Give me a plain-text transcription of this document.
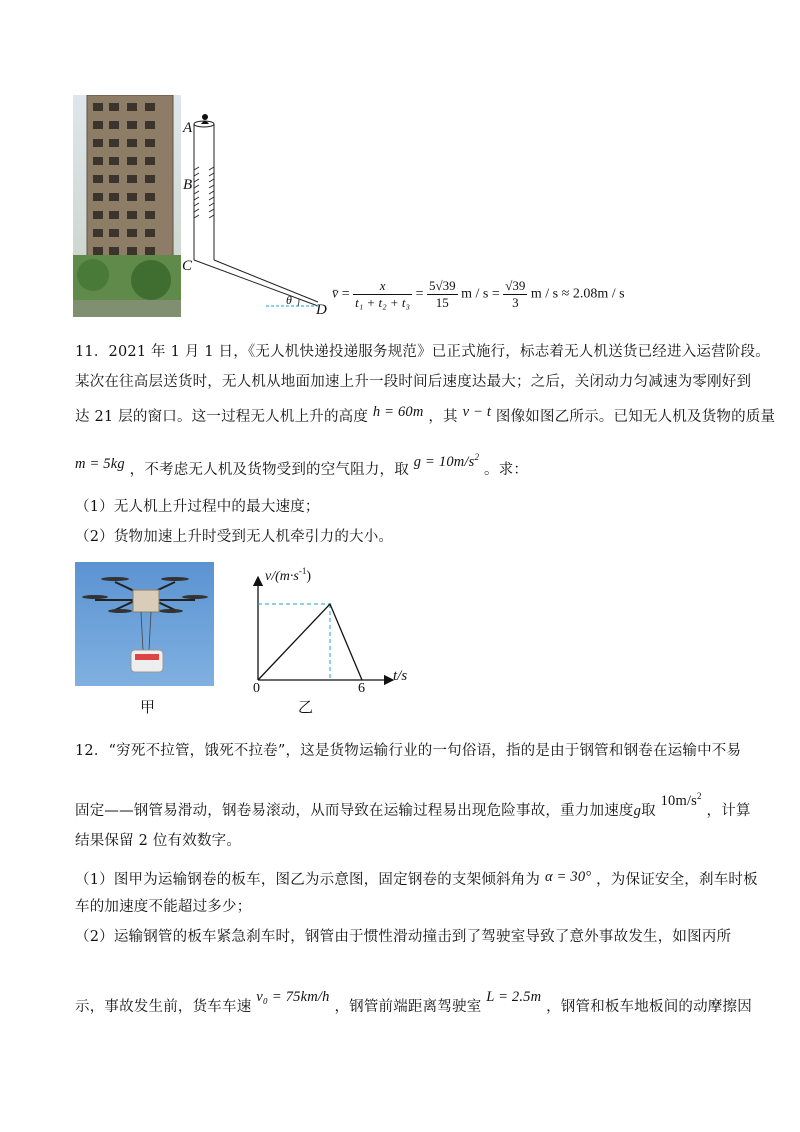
A
B
C
θ
D
v̄ = $\frac{x}{\text{t₁ + t₂ + t₃}} = \frac{5√39}{15}$ $m / s = \frac{√39}{3}$ m / s ≈ 2.08m / s
11．2021 年 1 月 1 日，《无人机快递投递服务规范》已正式施行，标志着无人机送货已经进入运营阶段。
某次在往高层送货时，无人机从地面加速上升一段时间后速度达最大；之后，关闭动力匀减速为零刚好到
达 21 层的窗口。这一过程无人机上升的高度 h = 60m ，其 v − t 图像如图乙所示。已知无人机及货物的质量
m = 5kg ，不考虑无人机及货物受到的空气阻力，取 $g = 10m/s^2$ 。求：
（1）无人机上升过程中的最大速度；
（2）货物加速上升时受到无人机牵引力的大小。
甲
$v/(m\cdot s^{-1})$
t/s
0	6
乙
12．“穷死不拉管，饿死不拉卷”，这是货物运输行业的一句俗语，指的是由于钢管和钢卷在运输中不易
固定——钢管易滑动，钢卷易滚动，从而导致在运输过程易出现危险事故，重力加速度g取 $10m/s^2$ ，计算
结果保留 2 位有效数字。
（1）图甲为运输钢卷的板车，图乙为示意图，固定钢卷的支架倾斜角为 α = 30° ，为保证安全，刹车时板
车的加速度不能超过多少；
（2）运输钢管的板车紧急刹车时，钢管由于惯性滑动撞击到了驾驶室导致了意外事故发生，如图丙所
示，事故发生前，货车车速 v₀ = 75km/h ，钢管前端距离驾驶室 L = 2.5m ，钢管和板车地板间的动摩擦因
